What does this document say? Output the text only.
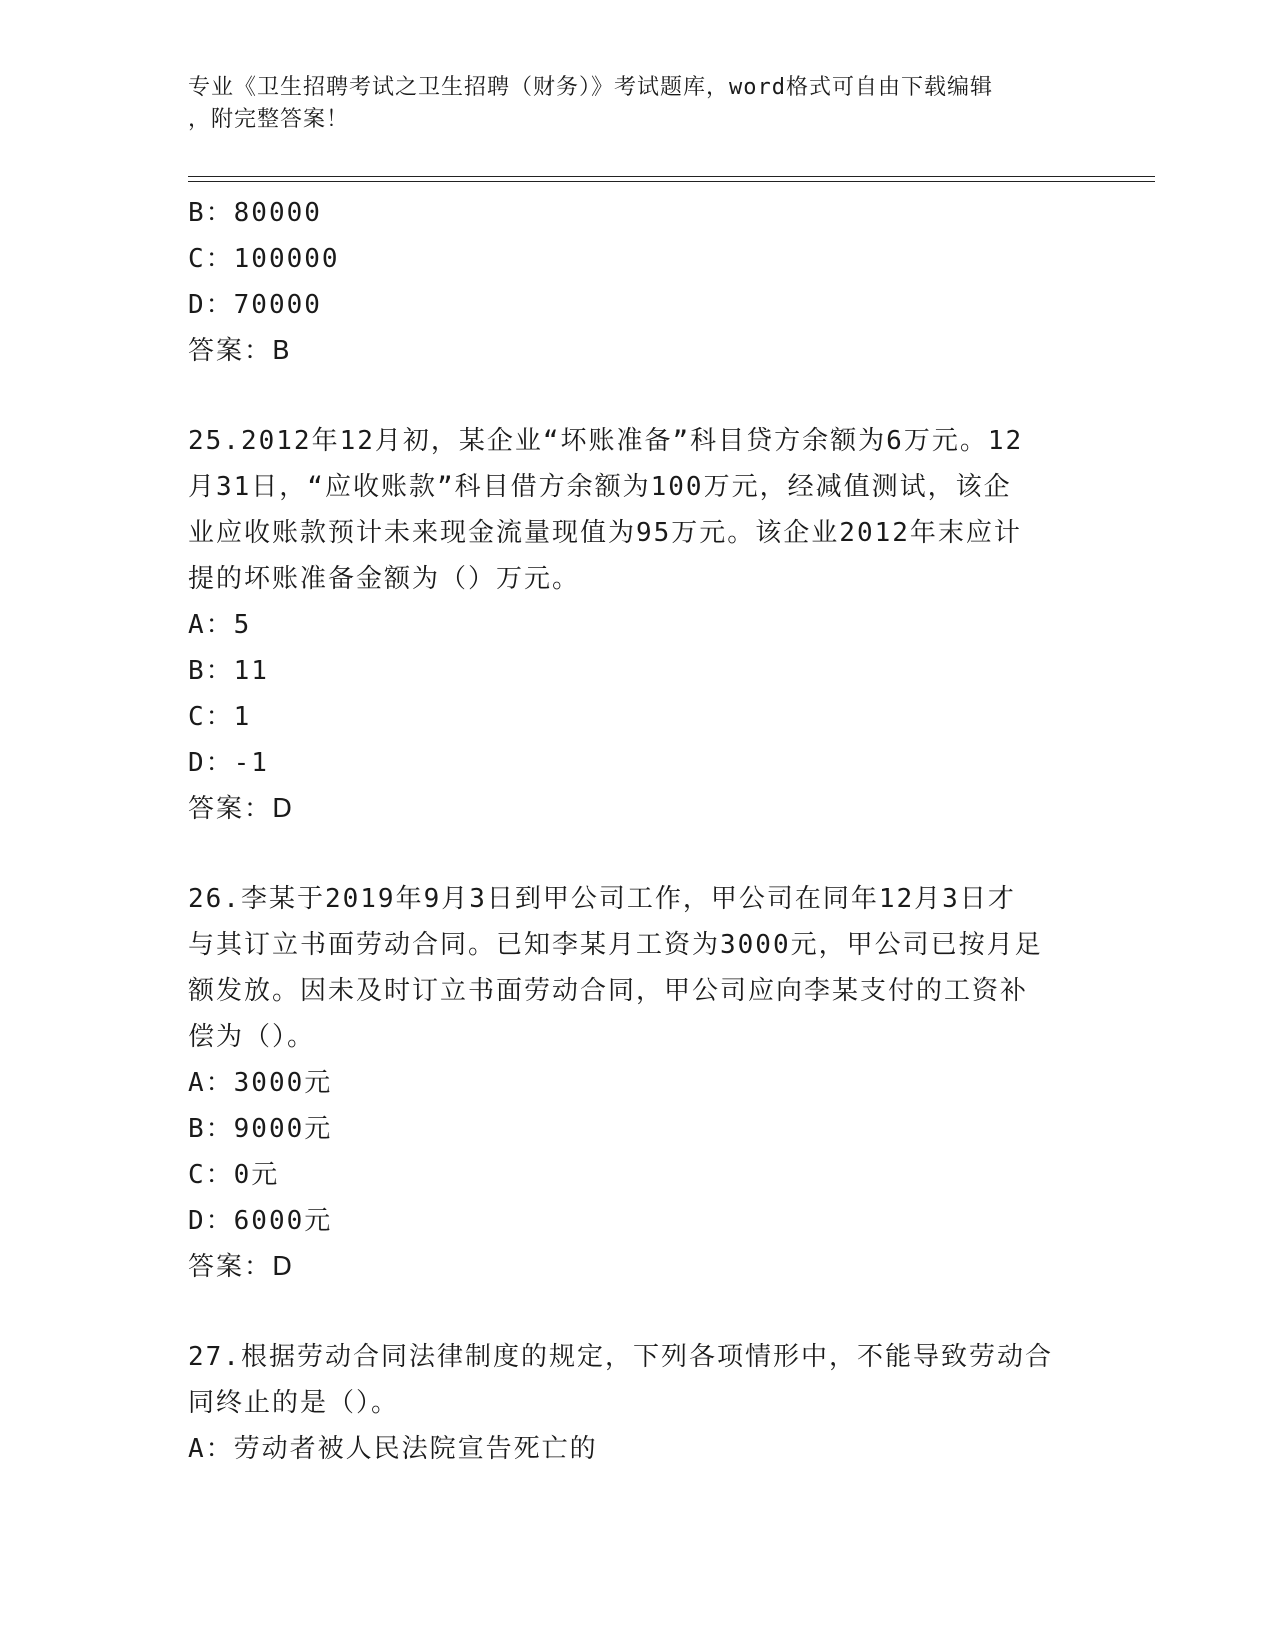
专业《卫生招聘考试之卫生招聘（财务）》考试题库，word格式可自由下载编辑
，附完整答案！
B：80000
C：100000
D：70000
答案：B
25.2012年12月初，某企业“坏账准备”科目贷方余额为6万元。12
月31日，“应收账款”科目借方余额为100万元，经减值测试，该企
业应收账款预计未来现金流量现值为95万元。该企业2012年末应计
提的坏账准备金额为（）万元。
A：5
B：11
C：1
D：-1
答案：D
26.李某于2019年9月3日到甲公司工作，甲公司在同年12月3日才
与其订立书面劳动合同。已知李某月工资为3000元，甲公司已按月足
额发放。因未及时订立书面劳动合同，甲公司应向李某支付的工资补
偿为（）。
A：3000元
B：9000元
C：0元
D：6000元
答案：D
27.根据劳动合同法律制度的规定，下列各项情形中，不能导致劳动合
同终止的是（）。
A：劳动者被人民法院宣告死亡的
